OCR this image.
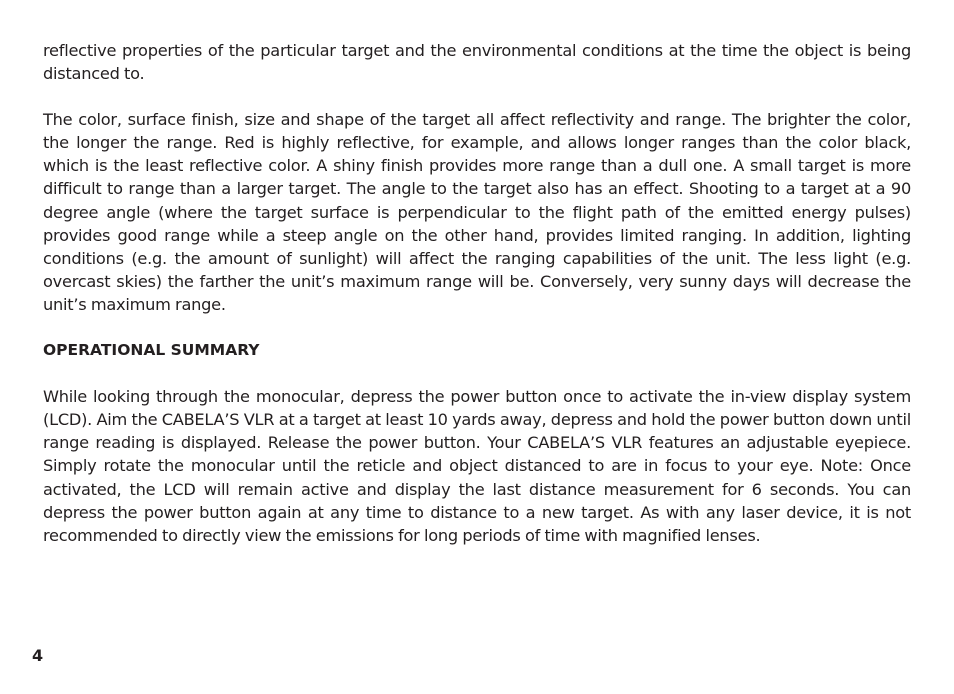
reflective properties of the particular target and the environmental conditions at the time the object is being distanced to.

The color, surface finish, size and shape of the target all affect reflectivity and range. The brighter the color, the longer the range. Red is highly reflective, for example, and allows longer ranges than the color black, which is the least reflective color. A shiny finish provides more range than a dull one. A small target is more difficult to range than a larger target. The angle to the target also has an effect. Shooting to a target at a 90 degree angle (where the target surface is perpendicular to the flight path of the emitted energy pulses) provides good range while a steep angle on the other hand, provides limited ranging. In addition, lighting conditions (e.g. the amount of sunlight) will affect the ranging capabilities of the unit. The less light (e.g. overcast skies) the farther the unit’s maximum range will be. Conversely, very sunny days will decrease the unit’s maximum range.

OPERATIONAL SUMMARY

While looking through the monocular, depress the power button once to activate the in-view display system (LCD). Aim the CABELA’S VLR at a target at least 10 yards away, depress and hold the power button down until range reading is displayed. Release the power button. Your CABELA’S VLR features an adjustable eyepiece. Simply rotate the monocular until the reticle and object distanced to are in focus to your eye. Note: Once activated, the LCD will remain active and display the last distance measurement for 6 seconds. You can depress the power button again at any time to distance to a new target. As with any laser device, it is not recommended to directly view the emissions for long periods of time with magnified lenses.

4
